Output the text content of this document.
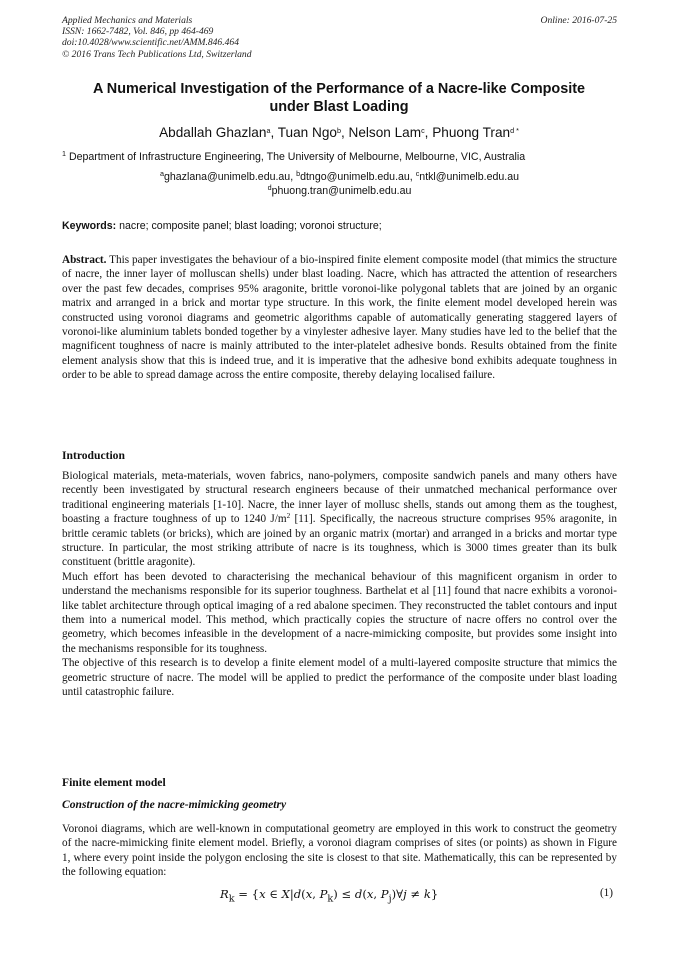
Applied Mechanics and Materials
ISSN: 1662-7482, Vol. 846, pp 464-469
doi:10.4028/www.scientific.net/AMM.846.464
© 2016 Trans Tech Publications Ltd, Switzerland
Online: 2016-07-25
A Numerical Investigation of the Performance of a Nacre-like Composite
under Blast Loading
Abdallah Ghazlan$^a$, Tuan Ngo$^b$, Nelson Lam$^c$, Phuong Tran$^{d *}$
$^1$ Department of Infrastructure Engineering, The University of Melbourne, Melbourne, VIC, Australia
$^a$ghazlana@unimelb.edu.au, $^b$dtngo@unimelb.edu.au, $^c$ntkl@unimelb.edu.au
$^d$phuong.tran@unimelb.edu.au
Keywords: nacre; composite panel; blast loading; voronoi structure;
Abstract. This paper investigates the behaviour of a bio-inspired finite element composite model (that mimics the structure of nacre, the inner layer of molluscan shells) under blast loading. Nacre, which has attracted the attention of researchers over the past few decades, comprises 95% aragonite, brittle voronoi-like polygonal tablets that are joined by an organic matrix and arranged in a brick and mortar type structure. In this work, the finite element model developed herein was constructed using voronoi diagrams and geometric algorithms capable of automatically generating staggered layers of voronoi-like aluminium tablets bonded together by a vinylester adhesive layer. Many studies have led to the belief that the magnificent toughness of nacre is mainly attributed to the inter-platelet adhesive bonds. Results obtained from the finite element analysis show that this is indeed true, and it is imperative that the adhesive bond exhibits adequate toughness in order to be able to spread damage across the entire composite, thereby delaying localised failure.
Introduction

Biological materials, meta-materials, woven fabrics, nano-polymers, composite sandwich panels and many others have recently been investigated by structural research engineers because of their unmatched mechanical performance over traditional engineering materials [1-10]. Nacre, the inner layer of mollusc shells, stands out among them as the toughest, boasting a fracture toughness of up to 1240 $J/m^2$ [11]. Specifically, the nacreous structure comprises 95% aragonite, in brittle ceramic tablets (or bricks), which are joined by an organic matrix (mortar) and arranged in a bricks and mortar type structure. In particular, the most striking attribute of nacre is its toughness, which is 3000 times greater than its bulk constituent (brittle aragonite).

Much effort has been devoted to characterising the mechanical behaviour of this magnificent organism in order to understand the mechanisms responsible for its superior toughness. Barthelat et al [11] found that nacre exhibits a voronoi-like tablet architecture through optical imaging of a red abalone specimen. They reconstructed the tablet contours and input them into a numerical model. This method, which practically copies the structure of nacre offers no control over the geometry, which becomes infeasible in the development of a nacre-mimicking composite, but provides some insight into the mechanisms responsible for its toughness.

The objective of this research is to develop a finite element model of a multi-layered composite structure that mimics the geometric structure of nacre. The model will be applied to predict the performance of the composite under blast loading until catastrophic failure.

Finite element model
Construction of the nacre-mimicking geometry
Voronoi diagrams, which are well-known in computational geometry are employed in this work to construct the geometry of the nacre-mimicking finite element model. Briefly, a voronoi diagram comprises of sites (or points) as shown in Figure 1, where every point inside the polygon enclosing the site is closest to that site. Mathematically, this can be represented by the following equation:
$R_k = \{x$ ∈ X|d(x, $P_k) \le d(x$, $P_j)\forall j \ne k$}	(1)
